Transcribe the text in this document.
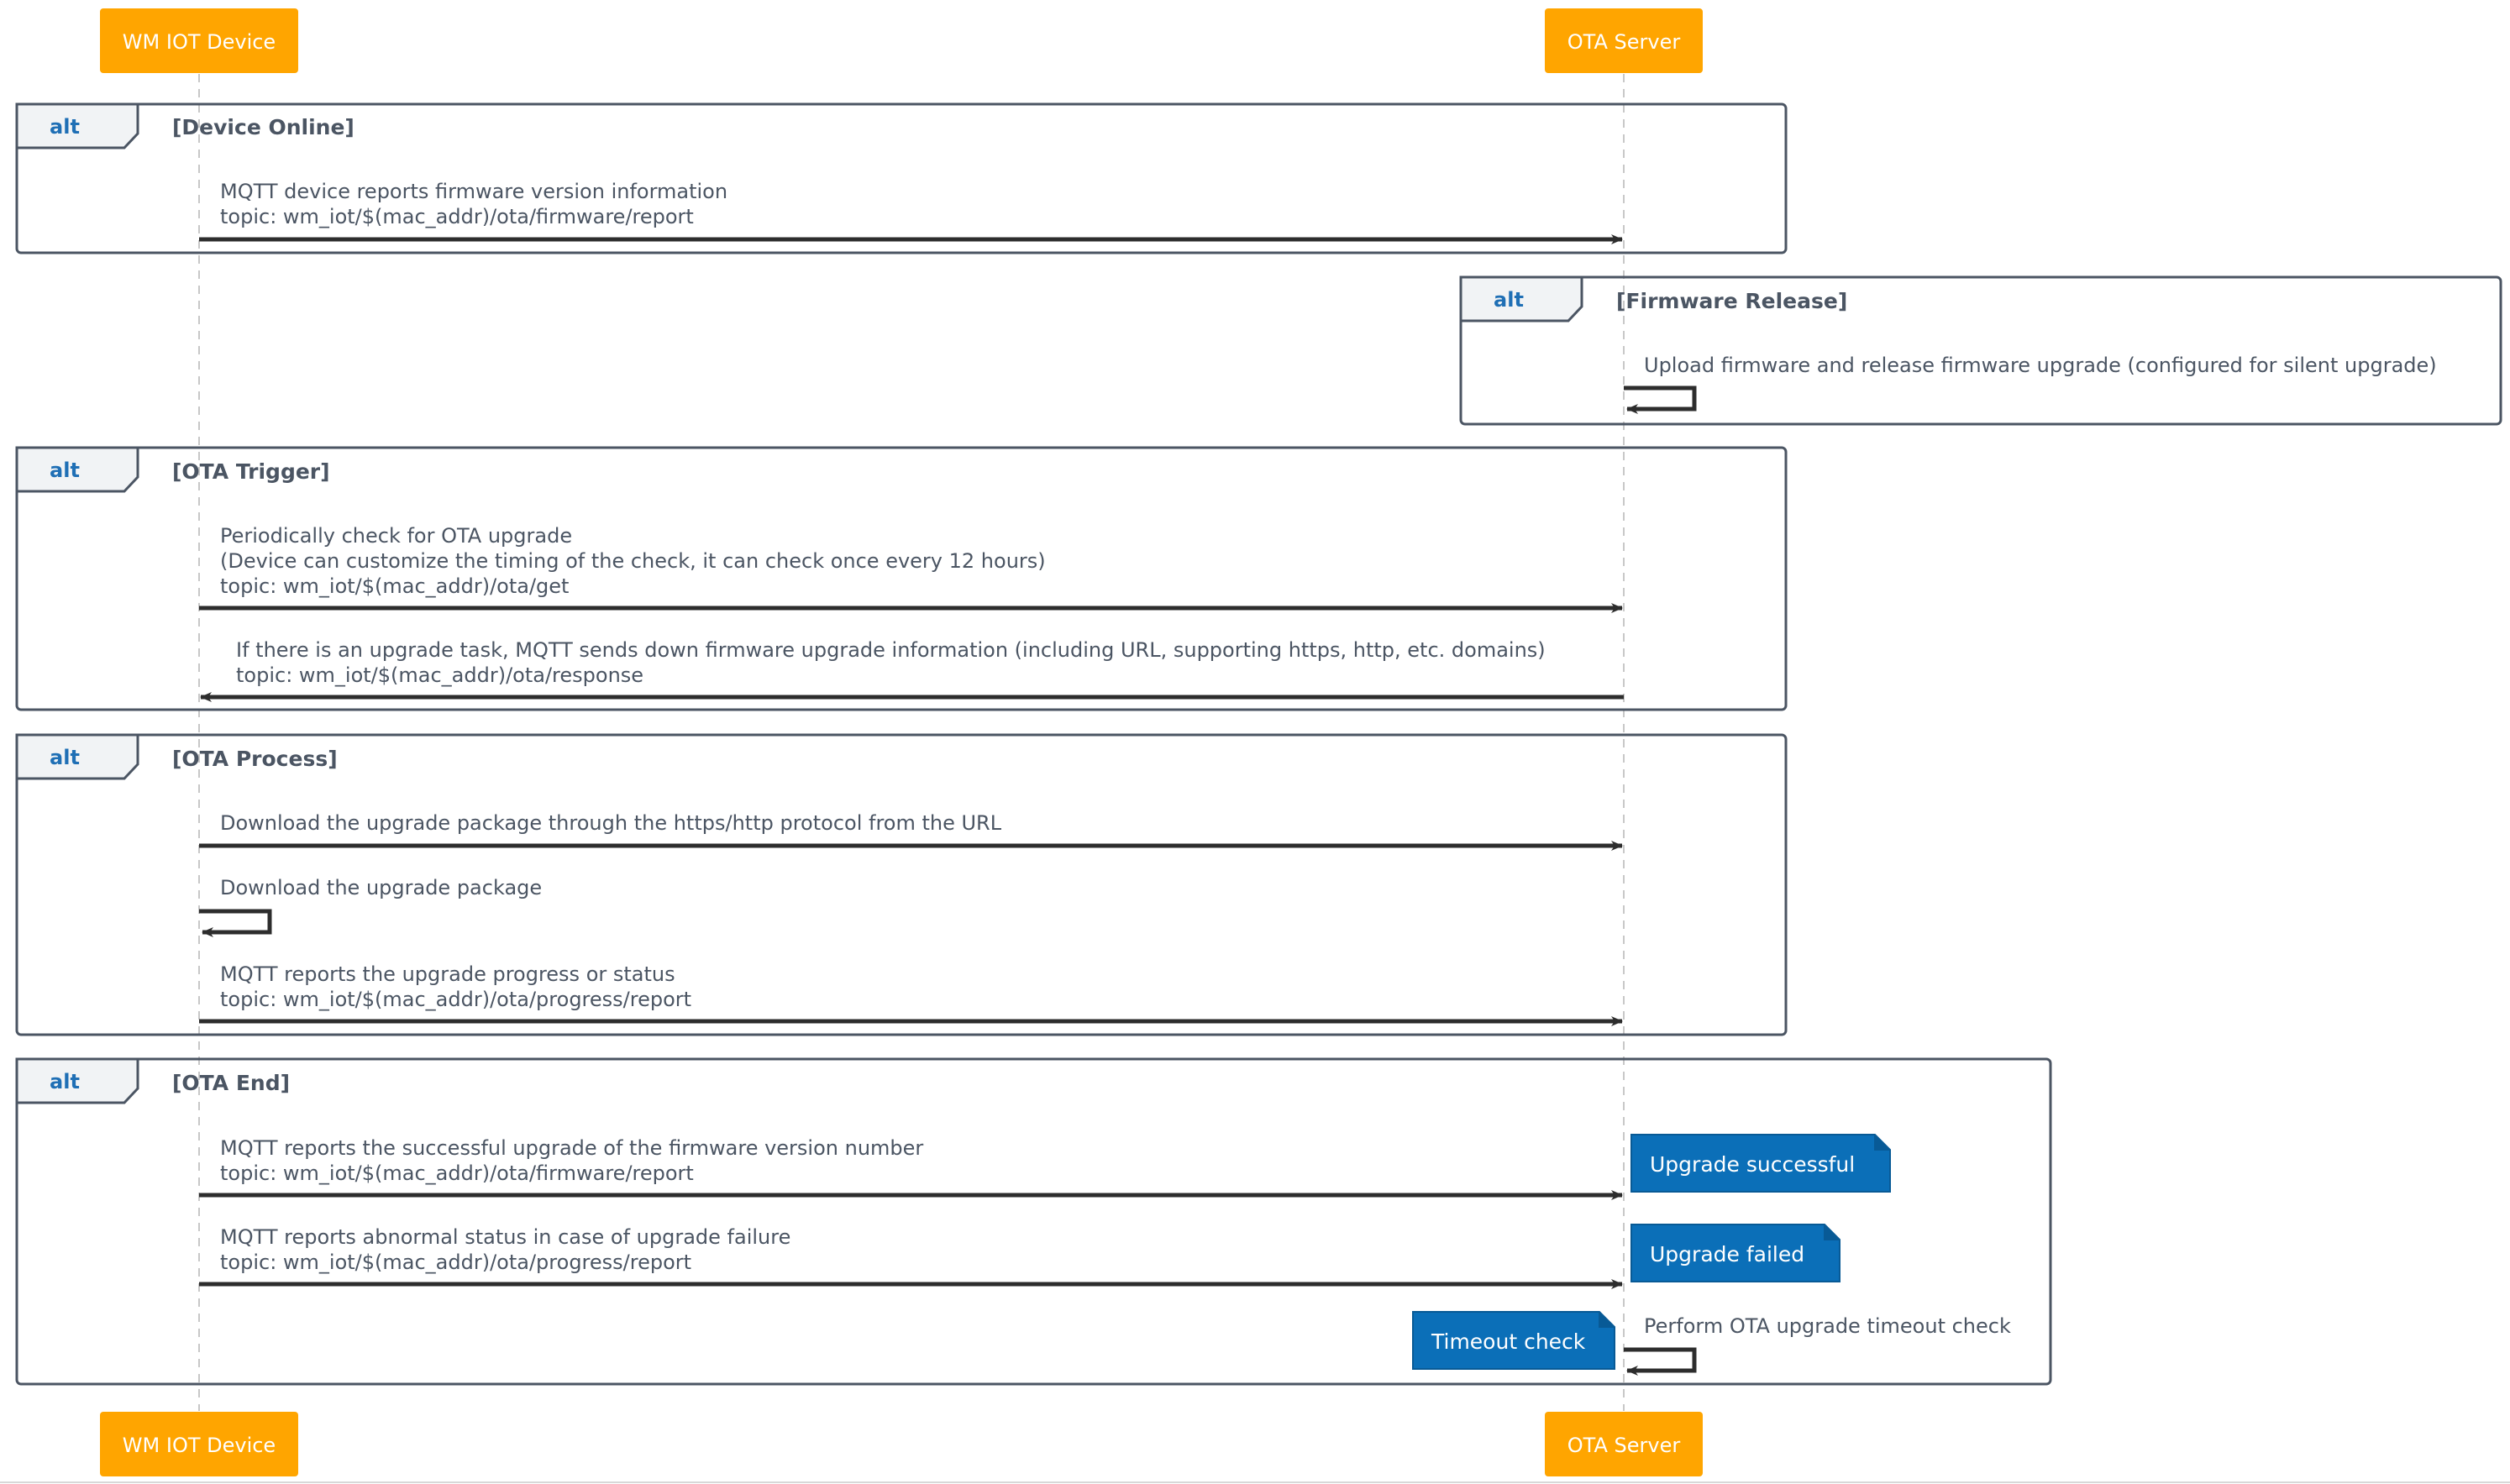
WM IOT Device	OTA Server
WM IOT Device	OTA Server
alt	[Device Online]
MQTT device reports firmware version information
topic: wm_iot/$(mac_addr)/ota/firmware/report
alt	[Firmware Release]
Upload firmware and release firmware upgrade (configured for silent upgrade)
alt	[OTA Trigger]
Periodically check for OTA upgrade
(Device can customize the timing of the check, it can check once every 12 hours)
topic: wm_iot/$(mac_addr)/ota/get
If there is an upgrade task, MQTT sends down firmware upgrade information (including URL, supporting https, http, etc. domains)
topic: wm_iot/$(mac_addr)/ota/response
alt	[OTA Process]
Download the upgrade package through the https/http protocol from the URL
Download the upgrade package
MQTT reports the upgrade progress or status
topic: wm_iot/$(mac_addr)/ota/progress/report
alt	[OTA End]
MQTT reports the successful upgrade of the firmware version number
topic: wm_iot/$(mac_addr)/ota/firmware/report	Upgrade successful
MQTT reports abnormal status in case of upgrade failure
topic: wm_iot/$(mac_addr)/ota/progress/report	Upgrade failed
Perform OTA upgrade timeout check
Timeout check
